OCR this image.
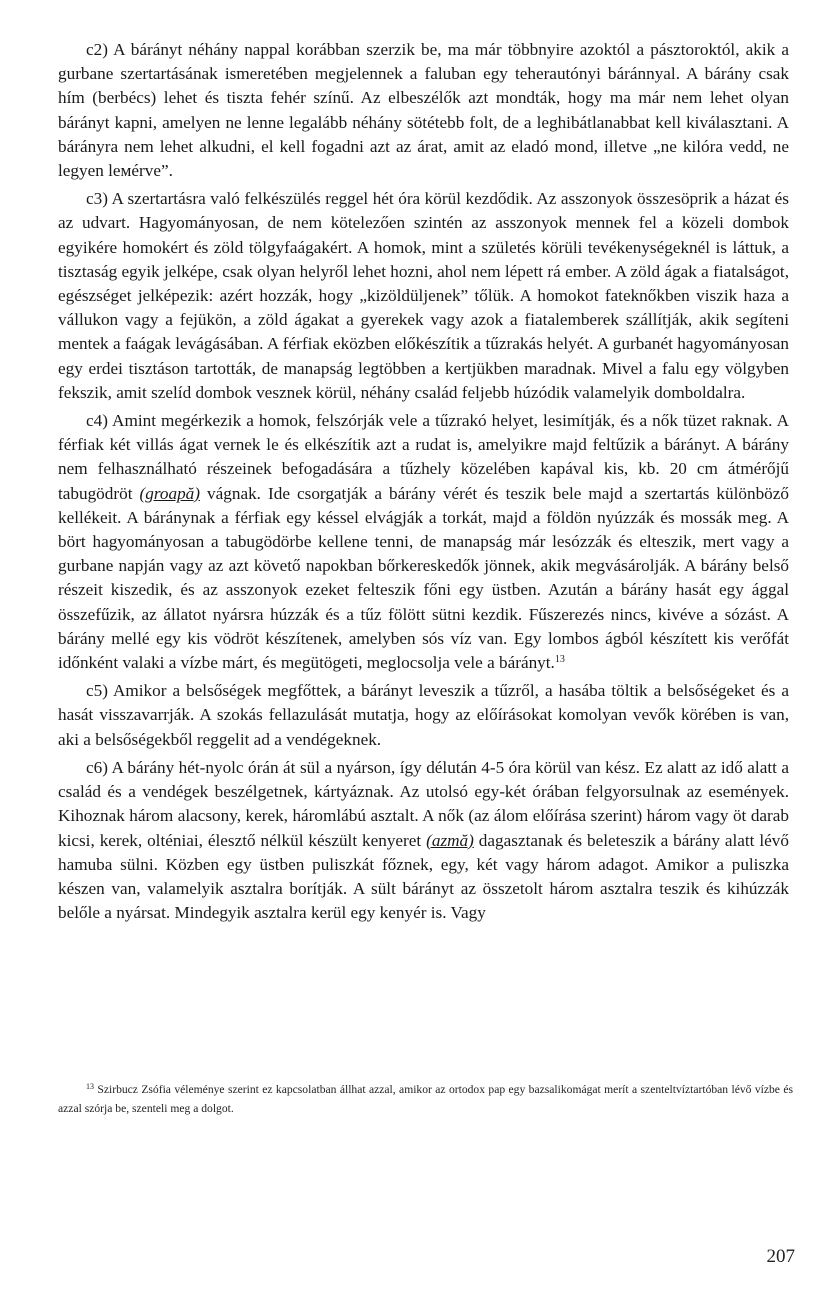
c2) A bárányt néhány nappal korábban szerzik be, ma már többnyire azoktól a pásztoroktól, akik a gurbane szertartásának ismeretében megjelennek a faluban egy teherautónyi báránnyal. A bárány csak hím (berbécs) lehet és tiszta fehér színű. Az elbeszélők azt mondták, hogy ma már nem lehet olyan bárányt kapni, amelyen ne lenne legalább néhány sötétebb folt, de a leghibátlanabbat kell kiválasztani. A bárányra nem lehet alkudni, el kell fogadni azt az árat, amit az eladó mond, illetve „ne kilóra vedd, ne legyen leмérve”.

c3) A szertartásra való felkészülés reggel hét óra körül kezdődik. Az asszonyok összesöprik a házat és az udvart. Hagyományosan, de nem kötelezően szintén az asszonyok mennek fel a közeli dombok egyikére homokért és zöld tölgyfaágakért. A homok, mint a születés körüli tevékenységeknél is láttuk, a tisztaság egyik jelképe, csak olyan helyről lehet hozni, ahol nem lépett rá ember. A zöld ágak a fiatalságot, egészséget jelképezik: azért hozzák, hogy „kizöldüljenek” tőlük. A homokot fateknőkben viszik haza a vállukon vagy a fejükön, a zöld ágakat a gyerekek vagy azok a fiatalemberek szállítják, akik segíteni mentek a faágak levágásában. A férfiak eközben előkészítik a tűzrakás helyét. A gurbanét hagyományosan egy erdei tisztáson tartották, de manapság legtöbben a kertjükben maradnak. Mivel a falu egy völgyben fekszik, amit szelíd dombok vesznek körül, néhány család feljebb húzódik valamelyik domboldalra.

c4) Amint megérkezik a homok, felszórják vele a tűzrakó helyet, lesimítják, és a nők tüzet raknak. A férfiak két villás ágat vernek le és elkészítik azt a rudat is, amelyikre majd feltűzik a bárányt. A bárány nem felhasználható részeinek befogadására a tűzhely közelében kapával kis, kb. 20 cm átmérőjű tabugödröt (groapă) vágnak. Ide csorgatják a bárány vérét és teszik bele majd a szertartás különböző kellékeit. A báránynak a férfiak egy késsel elvágják a torkát, majd a földön nyúzzák és mossák meg. A bört hagyományosan a tabugödörbe kellene tenni, de manapság már lesózzák és elteszik, mert vagy a gurbane napján vagy az azt követő napokban bőrkereskedők jönnek, akik megvásárolják. A bárány belső részeit kiszedik, és az asszonyok ezeket felteszik főni egy üstben. Azután a bárány hasát egy ággal összefűzik, az állatot nyársra húzzák és a tűz fölött sütni kezdik. Fűszerezés nincs, kivéve a sózást. A bárány mellé egy kis vödröt készítenek, amelyben sós víz van. Egy lombos ágból készített kis verőfát időnként valaki a vízbe márt, és megütögeti, meglocsolja vele a bárányt.$^{13}$

c5) Amikor a belsőségek megfőttek, a bárányt leveszik a tűzről, a hasába töltik a belsőségeket és a hasát visszavarrják. A szokás fellazulását mutatja, hogy az előírásokat komolyan vevők körében is van, aki a belsőségekből reggelit ad a vendégeknek.

c6) A bárány hét-nyolc órán át sül a nyárson, így délután 4-5 óra körül van kész. Ez alatt az idő alatt a család és a vendégek beszélgetnek, kártyáznak. Az utolsó egy-két órában felgyorsulnak az események. Kihoznak három alacsony, kerek, háromlábú asztalt. A nők (az álom előírása szerint) három vagy öt darab kicsi, kerek, olténiai, élesztő nélkül készült kenyeret (azmă) dagasztanak és beleteszik a bárány alatt lévő hamuba sülni. Közben egy üstben puliszkát főznek, egy, két vagy három adagot. Amikor a puliszka készen van, valamelyik asztalra borítják. A sült bárányt az összetolt három asztalra teszik és kihúzzák belőle a nyársat. Mindegyik asztalra kerül egy kenyér is. Vagy

$^{13}$ Szirbucz Zsófia véleménye szerint ez kapcsolatban állhat azzal, amikor az ortodox pap egy bazsalikomágat merít a szenteltvíztartóban lévő vízbe és azzal szórja be, szenteli meg a dolgot.
207
